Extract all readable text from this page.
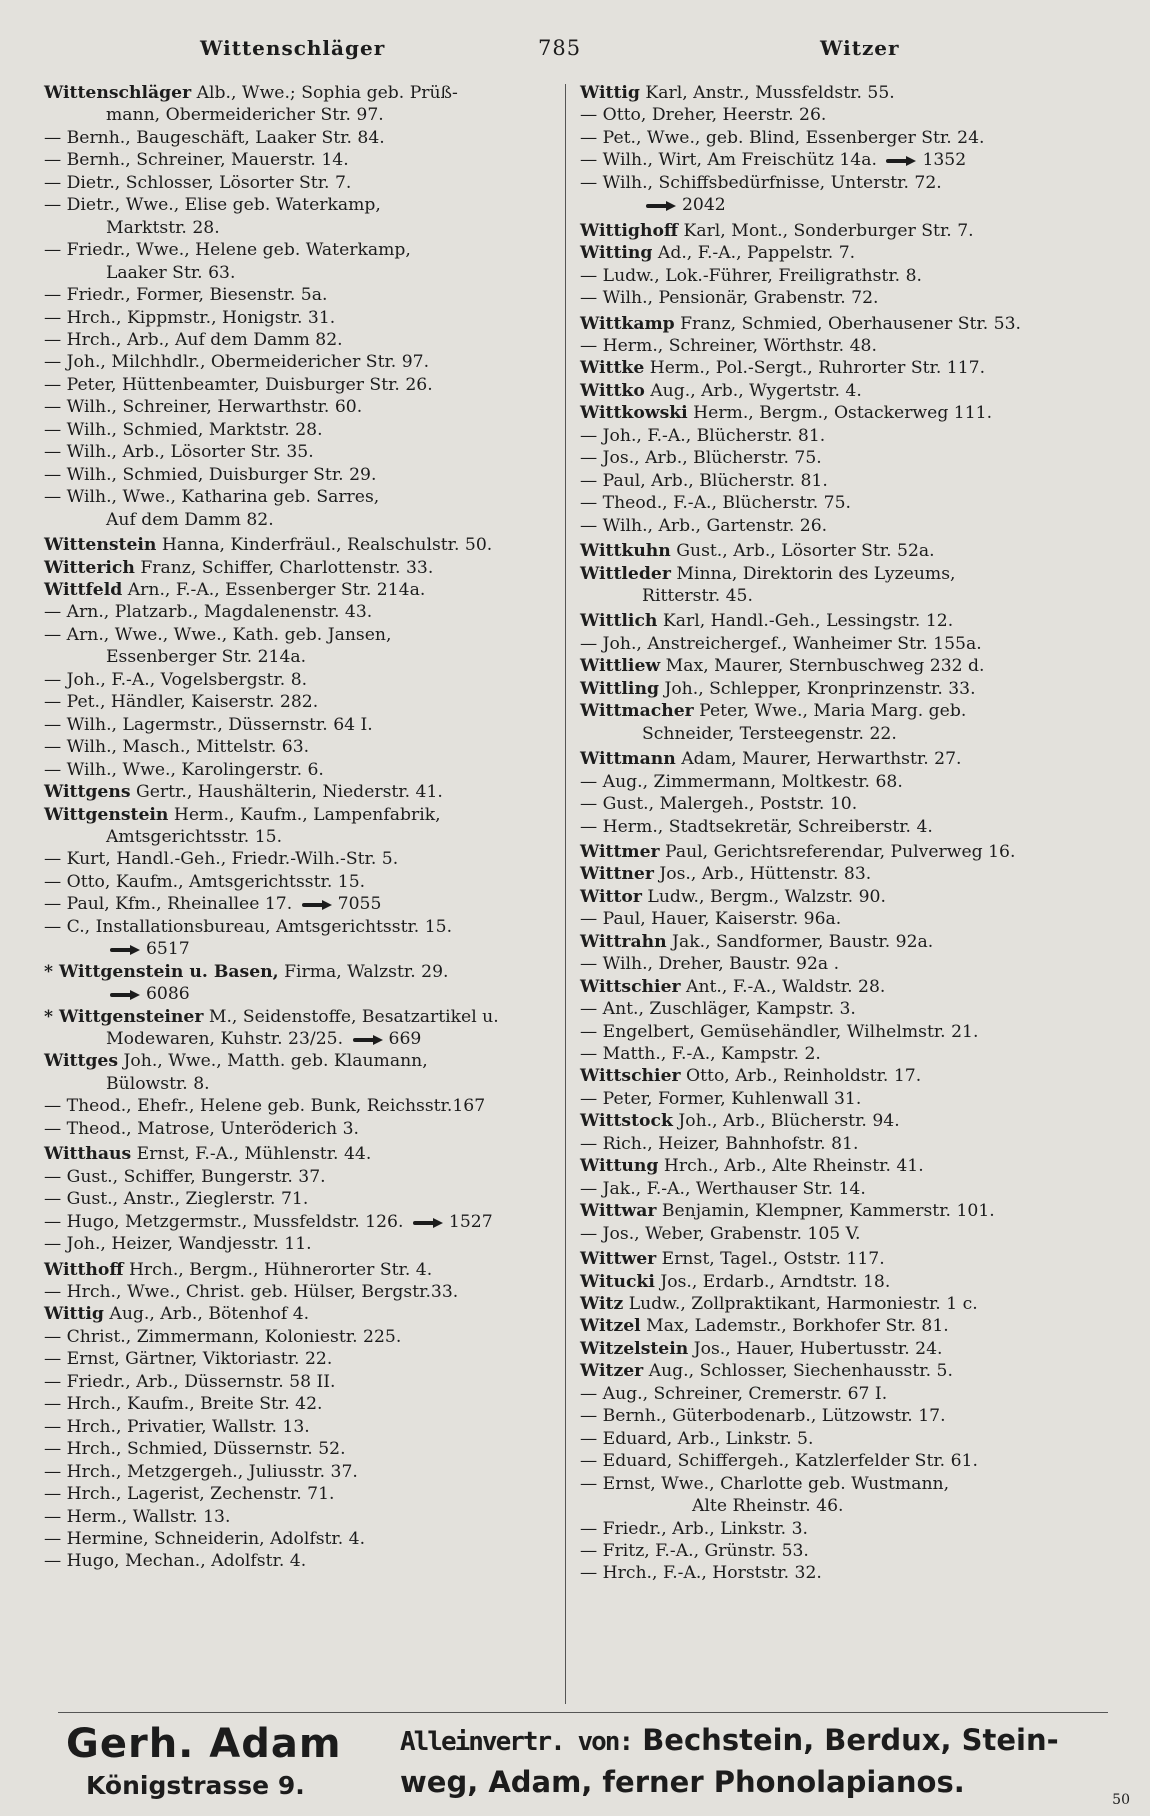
Wittenschläger	785	Witzer
Wittenschläger Alb., Wwe.; Sophia geb. Prüß-
mann, Obermeidericher Str. 97.
— Bernh., Baugeschäft, Laaker Str. 84.
— Bernh., Schreiner, Mauerstr. 14.
— Dietr., Schlosser, Lösorter Str. 7.
— Dietr., Wwe., Elise geb. Waterkamp,
Marktstr. 28.
— Friedr., Wwe., Helene geb. Waterkamp,
Laaker Str. 63.
— Friedr., Former, Biesenstr. 5a.
— Hrch., Kippmstr., Honigstr. 31.
— Hrch., Arb., Auf dem Damm 82.
— Joh., Milchhdlr., Obermeidericher Str. 97.
— Peter, Hüttenbeamter, Duisburger Str. 26.
— Wilh., Schreiner, Herwarthstr. 60.
— Wilh., Schmied, Marktstr. 28.
— Wilh., Arb., Lösorter Str. 35.
— Wilh., Schmied, Duisburger Str. 29.
— Wilh., Wwe., Katharina geb. Sarres,
Auf dem Damm 82.
Wittenstein Hanna, Kinderfräul., Realschulstr. 50.
Witterich Franz, Schiffer, Charlottenstr. 33.
Wittfeld Arn., F.-A., Essenberger Str. 214a.
— Arn., Platzarb., Magdalenenstr. 43.
— Arn., Wwe., Wwe., Kath. geb. Jansen,
Essenberger Str. 214a.
— Joh., F.-A., Vogelsbergstr. 8.
— Pet., Händler, Kaiserstr. 282.
— Wilh., Lagermstr., Düssernstr. 64 I.
— Wilh., Masch., Mittelstr. 63.
— Wilh., Wwe., Karolingerstr. 6.
Wittgens Gertr., Haushälterin, Niederstr. 41.
Wittgenstein Herm., Kaufm., Lampenfabrik,
Amtsgerichtsstr. 15.
— Kurt, Handl.-Geh., Friedr.-Wilh.-Str. 5.
— Otto, Kaufm., Amtsgerichtsstr. 15.
— Paul, Kfm., Rheinallee 17.	7055
— C., Installationsbureau, Amtsgerichtsstr. 15.
6517
* Wittgenstein u. Basen, Firma, Walzstr. 29.
6086
* Wittgensteiner M., Seidenstoffe, Besatzartikel u.
Modewaren, Kuhstr. 23/25.	669
Wittges Joh., Wwe., Matth. geb. Klaumann,
Bülowstr. 8.
— Theod., Ehefr., Helene geb. Bunk, Reichsstr.167
— Theod., Matrose, Unteröderich 3.
Witthaus Ernst, F.-A., Mühlenstr. 44.
— Gust., Schiffer, Bungerstr. 37.
— Gust., Anstr., Zieglerstr. 71.
— Hugo, Metzgermstr., Mussfeldstr. 126.	1527
— Joh., Heizer, Wandjesstr. 11.
Witthoff Hrch., Bergm., Hühnerorter Str. 4.
— Hrch., Wwe., Christ. geb. Hülser, Bergstr.33.
Wittig Aug., Arb., Bötenhof 4.
— Christ., Zimmermann, Koloniestr. 225.
— Ernst, Gärtner, Viktoriastr. 22.
— Friedr., Arb., Düssernstr. 58 II.
— Hrch., Kaufm., Breite Str. 42.
— Hrch., Privatier, Wallstr. 13.
— Hrch., Schmied, Düssernstr. 52.
— Hrch., Metzgergeh., Juliusstr. 37.
— Hrch., Lagerist, Zechenstr. 71.
— Herm., Wallstr. 13.
— Hermine, Schneiderin, Adolfstr. 4.
— Hugo, Mechan., Adolfstr. 4.
Wittig Karl, Anstr., Mussfeldstr. 55.
— Otto, Dreher, Heerstr. 26.
— Pet., Wwe., geb. Blind, Essenberger Str. 24.
— Wilh., Wirt, Am Freischütz 14a.	1352
— Wilh., Schiffsbedürfnisse, Unterstr. 72.
2042
Wittighoff Karl, Mont., Sonderburger Str. 7.
Witting Ad., F.-A., Pappelstr. 7.
— Ludw., Lok.-Führer, Freiligrathstr. 8.
— Wilh., Pensionär, Grabenstr. 72.
Wittkamp Franz, Schmied, Oberhausener Str. 53.
— Herm., Schreiner, Wörthstr. 48.
Wittke Herm., Pol.-Sergt., Ruhrorter Str. 117.
Wittko Aug., Arb., Wygertstr. 4.
Wittkowski Herm., Bergm., Ostackerweg 111.
— Joh., F.-A., Blücherstr. 81.
— Jos., Arb., Blücherstr. 75.
— Paul, Arb., Blücherstr. 81.
— Theod., F.-A., Blücherstr. 75.
— Wilh., Arb., Gartenstr. 26.
Wittkuhn Gust., Arb., Lösorter Str. 52a.
Wittleder Minna, Direktorin des Lyzeums,
Ritterstr. 45.
Wittlich Karl, Handl.-Geh., Lessingstr. 12.
— Joh., Anstreichergef., Wanheimer Str. 155a.
Wittliew Max, Maurer, Sternbuschweg 232 d.
Wittling Joh., Schlepper, Kronprinzenstr. 33.
Wittmacher Peter, Wwe., Maria Marg. geb.
Schneider, Tersteegenstr. 22.
Wittmann Adam, Maurer, Herwarthstr. 27.
— Aug., Zimmermann, Moltkestr. 68.
— Gust., Malergeh., Poststr. 10.
— Herm., Stadtsekretär, Schreiberstr. 4.
Wittmer Paul, Gerichtsreferendar, Pulverweg 16.
Wittner Jos., Arb., Hüttenstr. 83.
Wittor Ludw., Bergm., Walzstr. 90.
— Paul, Hauer, Kaiserstr. 96a.
Wittrahn Jak., Sandformer, Baustr. 92a.
— Wilh., Dreher, Baustr. 92a .
Wittschier Ant., F.-A., Waldstr. 28.
— Ant., Zuschläger, Kampstr. 3.
— Engelbert, Gemüsehändler, Wilhelmstr. 21.
— Matth., F.-A., Kampstr. 2.
Wittschier Otto, Arb., Reinholdstr. 17.
— Peter, Former, Kuhlenwall 31.
Wittstock Joh., Arb., Blücherstr. 94.
— Rich., Heizer, Bahnhofstr. 81.
Wittung Hrch., Arb., Alte Rheinstr. 41.
— Jak., F.-A., Werthauser Str. 14.
Wittwar Benjamin, Klempner, Kammerstr. 101.
— Jos., Weber, Grabenstr. 105 V.
Wittwer Ernst, Tagel., Oststr. 117.
Witucki Jos., Erdarb., Arndtstr. 18.
Witz Ludw., Zollpraktikant, Harmoniestr. 1 c.
Witzel Max, Lademstr., Borkhofer Str. 81.
Witzelstein Jos., Hauer, Hubertusstr. 24.
Witzer Aug., Schlosser, Siechenhausstr. 5.
— Aug., Schreiner, Cremerstr. 67 I.
— Bernh., Güterbodenarb., Lützowstr. 17.
— Eduard, Arb., Linkstr. 5.
— Eduard, Schiffergeh., Katzlerfelder Str. 61.
— Ernst, Wwe., Charlotte geb. Wustmann,
Alte Rheinstr. 46.
— Friedr., Arb., Linkstr. 3.
— Fritz, F.-A., Grünstr. 53.
— Hrch., F.-A., Horststr. 32.
Gerh. Adam
Königstrasse 9.
Alleinvertr. von: Bechstein, Berdux, Stein-
weg, Adam, ferner Phonolapianos.
50
